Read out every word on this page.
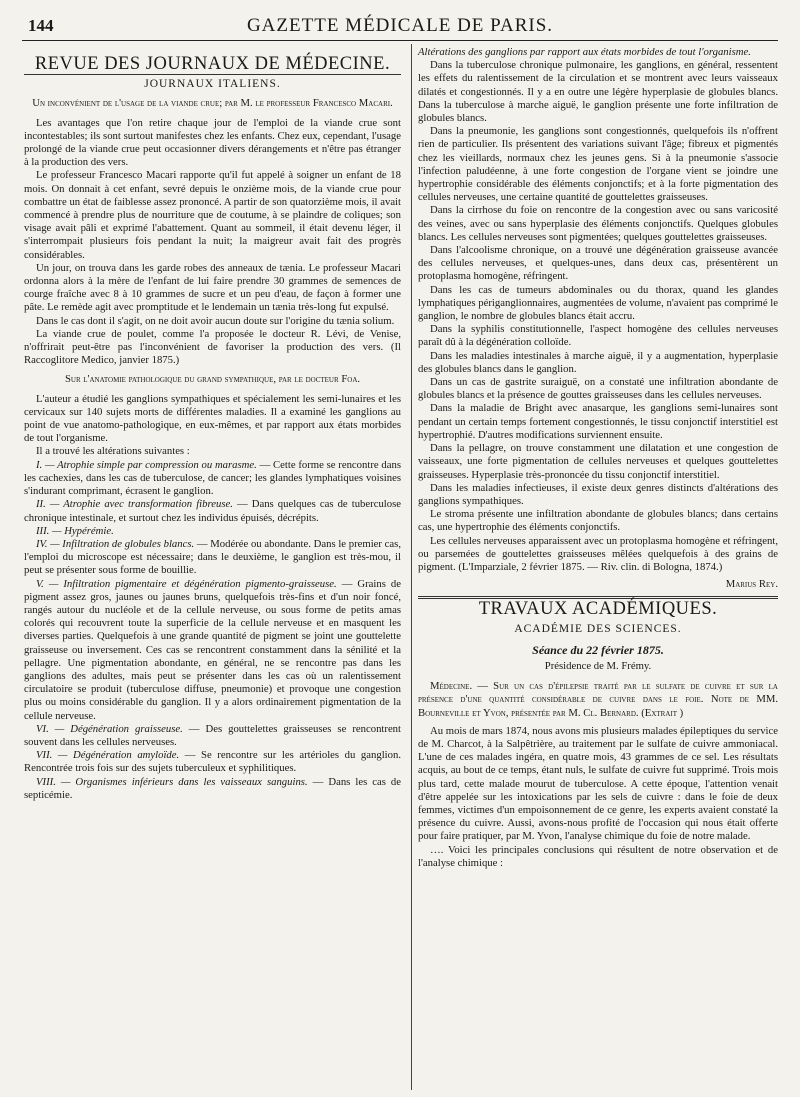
144	GAZETTE MÉDICALE DE PARIS.
REVUE DES JOURNAUX DE MÉDECINE.
JOURNAUX ITALIENS.
Un inconvénient de l'usage de la viande crue; par M. le professeur Francesco Macari.

Les avantages que l'on retire chaque jour de l'emploi de la viande crue sont incontestables; ils sont surtout manifestes chez les enfants. Chez eux, cependant, l'usage prolongé de la viande crue peut occasionner divers dérangements et n'être pas étranger à la production des vers.

Le professeur Francesco Macari rapporte qu'il fut appelé à soigner un enfant de 18 mois. On donnait à cet enfant, sevré depuis le onzième mois, de la viande crue pour combattre un état de faiblesse assez prononcé. A partir de son quatorzième mois, il avait commencé à prendre plus de nourriture que de coutume, à se plaindre de coliques; son visage avait pâli et exprimé l'abattement. Quant au sommeil, il était devenu léger, il s'interrompait plusieurs fois pendant la nuit; la maigreur avait fait des progrès considérables.

Un jour, on trouva dans les garde robes des anneaux de tænia. Le professeur Macari ordonna alors à la mère de l'enfant de lui faire prendre 30 grammes de semences de courge fraîche avec 8 à 10 grammes de sucre et un peu d'eau, de façon à former une pâte. Le remède agit avec promptitude et le lendemain un tænia très-long fut expulsé.

Dans le cas dont il s'agit, on ne doit avoir aucun doute sur l'origine du tænia solium.

La viande crue de poulet, comme l'a proposée le docteur R. Lévi, de Venise, n'offrirait peut-être pas l'inconvénient de favoriser la production des vers. (Il Raccoglitore Medico, janvier 1875.)

Sur l'anatomie pathologique du grand sympathique, par le docteur Foa.

L'auteur a étudié les ganglions sympathiques et spécialement les semi-lunaires et les cervicaux sur 140 sujets morts de différentes maladies. Il a examiné les ganglions au point de vue anatomo-pathologique, en eux-mêmes, et par rapport aux états morbides de tout l'organisme.

Il a trouvé les altérations suivantes :

I. — Atrophie simple par compression ou marasme. — Cette forme se rencontre dans les cachexies, dans les cas de tuberculose, de cancer; les glandes lymphatiques voisines s'indurant comprimant, écrasent le ganglion.

II. — Atrophie avec transformation fibreuse. — Dans quelques cas de tuberculose chronique intestinale, et surtout chez les individus épuisés, décrépits.

III. — Hypérémie.

IV. — Infiltration de globules blancs. — Modérée ou abondante. Dans le premier cas, l'emploi du microscope est nécessaire; dans le deuxième, le ganglion est très-mou, il peut se présenter sous forme de bouillie.

V. — Infiltration pigmentaire et dégénération pigmento-graisseuse. — Grains de pigment assez gros, jaunes ou jaunes bruns, quelquefois très-fins et d'un noir foncé, rangés autour du nucléole et de la cellule nerveuse, ou sous forme de petits amas colorés qui recouvrent toute la superficie de la cellule nerveuse et en masquent les diverses parties. Quelquefois à une grande quantité de pigment se joint une gouttelette graisseuse ou inversement. Ces cas se rencontrent constamment dans la sénilité et la pellagre. Une pigmentation abondante, en général, ne se rencontre pas dans les ganglions des adultes, mais peut se présenter dans les cas où un ralentissement circulatoire se produit (tuberculose diffuse, pneumonie) et provoque une congestion plus ou moins considérable du ganglion. Il y a alors ordinairement pigmentation de la cellule nerveuse.

VI. — Dégénération graisseuse. — Des gouttelettes graisseuses se rencontrent souvent dans les cellules nerveuses.

VII. — Dégénération amyloïde. — Se rencontre sur les artérioles du ganglion. Rencontrée trois fois sur des sujets tuberculeux et syphilitiques.

VIII. — Organismes inférieurs dans les vaisseaux sanguins. — Dans les cas de septicémie.

Altérations des ganglions par rapport aux états morbides de tout l'organisme.

Dans la tuberculose chronique pulmonaire, les ganglions, en général, ressentent les effets du ralentissement de la circulation et se montrent avec leurs vaisseaux dilatés et congestionnés. Il y a en outre une légère hyperplasie de globules blancs. Dans la tuberculose à marche aiguë, le ganglion présente une forte infiltration de globules blancs.

Dans la pneumonie, les ganglions sont congestionnés, quelquefois ils n'offrent rien de particulier. Ils présentent des variations suivant l'âge; fibreux et pigmentés chez les vieillards, normaux chez les jeunes gens. Si à la pneumonie s'associe l'infection paludéenne, à une forte congestion de l'organe vient se joindre une hypertrophie considérable des éléments conjonctifs; et à la forte pigmentation des cellules nerveuses, une certaine quantité de gouttelettes graisseuses.

Dans la cirrhose du foie on rencontre de la congestion avec ou sans varicosité des veines, avec ou sans hyperplasie des éléments conjonctifs. Quelques globules blancs. Les cellules nerveuses sont pigmentées; quelques gouttelettes graisseuses.

Dans l'alcoolisme chronique, on a trouvé une dégénération graisseuse avancée des cellules nerveuses, et quelques-unes, dans deux cas, présentèrent un protoplasma homogène, réfringent.

Dans les cas de tumeurs abdominales ou du thorax, quand les glandes lymphatiques périganglionnaires, augmentées de volume, n'avaient pas comprimé le ganglion, le nombre de globules blancs était accru.

Dans la syphilis constitutionnelle, l'aspect homogène des cellules nerveuses paraît dû à la dégénération colloïde.

Dans les maladies intestinales à marche aiguë, il y a augmentation, hyperplasie des globules blancs dans le ganglion.

Dans un cas de gastrite suraiguë, on a constaté une infiltration abondante de globules blancs et la présence de gouttes graisseuses dans les cellules nerveuses.

Dans la maladie de Bright avec anasarque, les ganglions semi-lunaires sont pendant un certain temps fortement congestionnés, le tissu conjonctif interstitiel est hypertrophié. D'autres modifications surviennent ensuite.

Dans la pellagre, on trouve constamment une dilatation et une congestion de vaisseaux, une forte pigmentation de cellules nerveuses et quelques gouttelettes graisseuses. Hyperplasie très-prononcée du tissu conjonctif interstitiel.

Dans les maladies infectieuses, il existe deux genres distincts d'altérations des ganglions sympathiques.

Le stroma présente une infiltration abondante de globules blancs; dans certains cas, une hypertrophie des éléments conjonctifs.

Les cellules nerveuses apparaissent avec un protoplasma homogène et réfringent, ou parsemées de gouttelettes graisseuses mêlées quelquefois à des grains de pigment. (L'Imparziale, 2 février 1875. — Riv. clin. di Bologna, 1874.)

Marius Rey.
TRAVAUX ACADÉMIQUES.
ACADÉMIE DES SCIENCES.
Séance du 22 février 1875.
Présidence de M. Frémy.

Médecine. — Sur un cas d'épilepsie traité par le sulfate de cuivre et sur la présence d'une quantité considérable de cuivre dans le foie. Note de MM. Bourneville et Yvon, présentée par M. Cl. Bernard. (Extrait )

Au mois de mars 1874, nous avons mis plusieurs malades épileptiques du service de M. Charcot, à la Salpêtrière, au traitement par le sulfate de cuivre ammoniacal. L'une de ces malades ingéra, en quatre mois, 43 grammes de ce sel. Les résultats acquis, au bout de ce temps, étant nuls, le sulfate de cuivre fut supprimé. Trois mois plus tard, cette malade mourut de tuberculose. A cette époque, l'attention venait d'être appelée sur les intoxications par les sels de cuivre : dans le foie de deux femmes, victimes d'un empoisonnement de ce genre, les experts avaient constaté la présence du cuivre. Aussi, avons-nous profité de l'occasion qui nous était offerte pour faire pratiquer, par M. Yvon, l'analyse chimique du foie de notre malade.

…. Voici les principales conclusions qui résultent de notre observation et de l'analyse chimique :
